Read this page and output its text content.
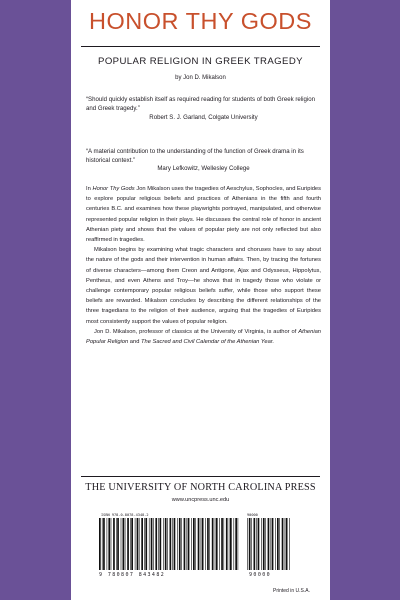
HONOR THY GODS
POPULAR RELIGION IN GREEK TRAGEDY
by Jon D. Mikalson
“Should quickly establish itself as required reading for students of both Greek religion and Greek tragedy.”
Robert S. J. Garland, Colgate University
“A material contribution to the understanding of the function of Greek drama in its historical context.”
Mary Lefkowitz, Wellesley College

In Honor Thy Gods Jon Mikalson uses the tragedies of Aeschylus, Sophocles, and Euripides to explore popular religious beliefs and practices of Athenians in the fifth and fourth centuries B.C. and examines how these playwrights portrayed, manipulated, and otherwise represented popular religion in their plays. He discusses the central role of honor in ancient Athenian piety and shows that the values of popular piety are not only reflected but also reaffirmed in tragedies.

Mikalson begins by examining what tragic characters and choruses have to say about the nature of the gods and their intervention in human affairs. Then, by tracing the fortunes of diverse characters—among them Creon and Antigone, Ajax and Odysseus, Hippolytus, Pentheus, and even Athens and Troy—he shows that in tragedy those who violate or challenge contemporary popular religious beliefs suffer, while those who support these beliefs are rewarded. Mikalson concludes by describing the different relationships of the three tragedians to the religion of their audience, arguing that the tragedies of Euripides most consistently support the values of popular religion.

Jon D. Mikalson, professor of classics at the University of Virginia, is author of Athenian Popular Religion and The Sacred and Civil Calendar of the Athenian Year.

THE UNIVERSITY OF NORTH CAROLINA PRESS
www.uncpress.unc.edu
ISBN 978-0-8078-4348-2	90000
9 780807 843482	90000
Printed in U.S.A.
